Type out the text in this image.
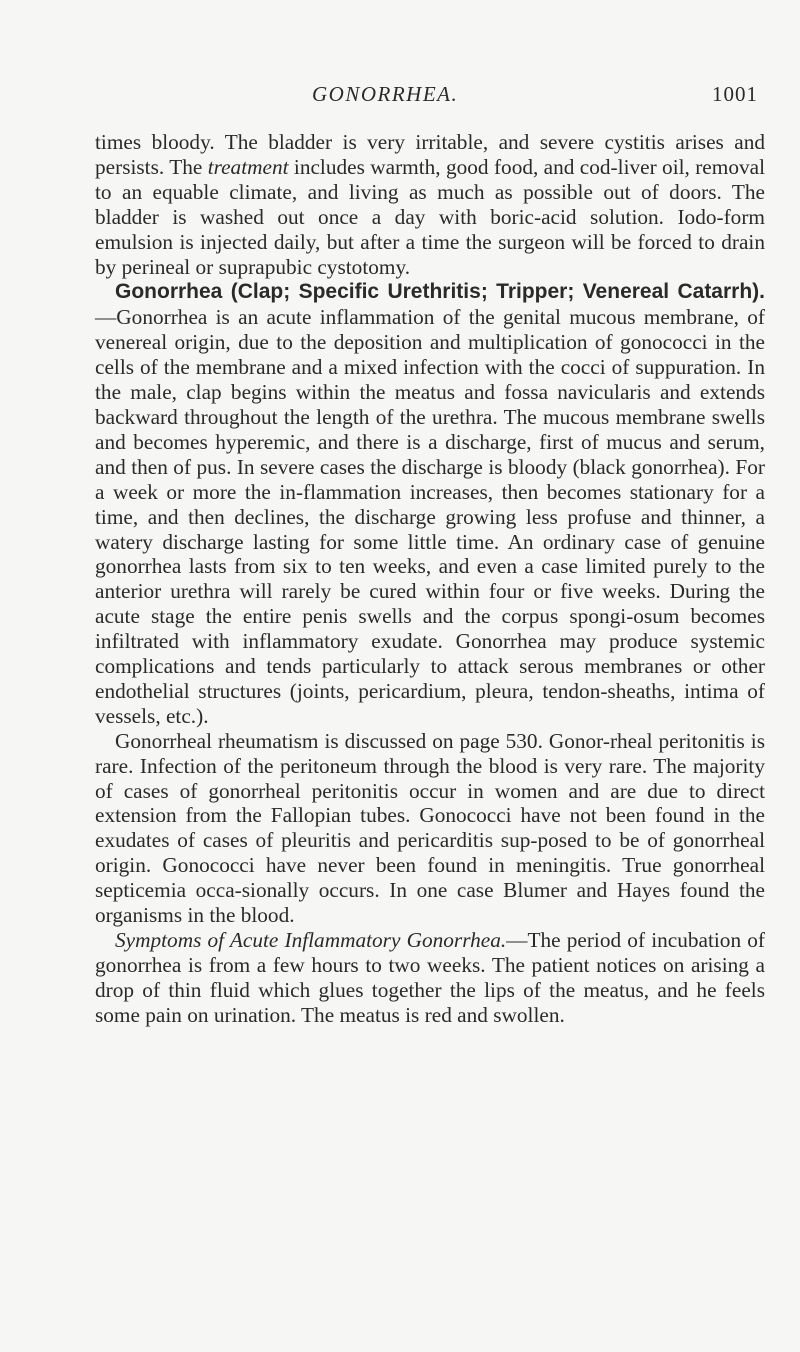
GONORRHEA.	1001

times bloody. The bladder is very irritable, and severe cystitis arises and persists. The treatment includes warmth, good food, and cod-liver oil, removal to an equable climate, and living as much as possible out of doors. The bladder is washed out once a day with boric-acid solution. Iodo-form emulsion is injected daily, but after a time the surgeon will be forced to drain by perineal or suprapubic cystotomy.

Gonorrhea (Clap; Specific Urethritis; Tripper; Venereal Catarrh).—Gonorrhea is an acute inflammation of the genital mucous membrane, of venereal origin, due to the deposition and multiplication of gonococci in the cells of the membrane and a mixed infection with the cocci of suppuration. In the male, clap begins within the meatus and fossa navicularis and extends backward throughout the length of the urethra. The mucous membrane swells and becomes hyperemic, and there is a discharge, first of mucus and serum, and then of pus. In severe cases the discharge is bloody (black gonorrhea). For a week or more the in-flammation increases, then becomes stationary for a time, and then declines, the discharge growing less profuse and thinner, a watery discharge lasting for some little time. An ordinary case of genuine gonorrhea lasts from six to ten weeks, and even a case limited purely to the anterior urethra will rarely be cured within four or five weeks. During the acute stage the entire penis swells and the corpus spongi-osum becomes infiltrated with inflammatory exudate. Gonorrhea may produce systemic complications and tends particularly to attack serous membranes or other endothelial structures (joints, pericardium, pleura, tendon-sheaths, intima of vessels, etc.).

Gonorrheal rheumatism is discussed on page 530. Gonor-rheal peritonitis is rare. Infection of the peritoneum through the blood is very rare. The majority of cases of gonorrheal peritonitis occur in women and are due to direct extension from the Fallopian tubes. Gonococci have not been found in the exudates of cases of pleuritis and pericarditis sup-posed to be of gonorrheal origin. Gonococci have never been found in meningitis. True gonorrheal septicemia occa-sionally occurs. In one case Blumer and Hayes found the organisms in the blood.

Symptoms of Acute Inflammatory Gonorrhea.—The period of incubation of gonorrhea is from a few hours to two weeks. The patient notices on arising a drop of thin fluid which glues together the lips of the meatus, and he feels some pain on urination. The meatus is red and swollen.
